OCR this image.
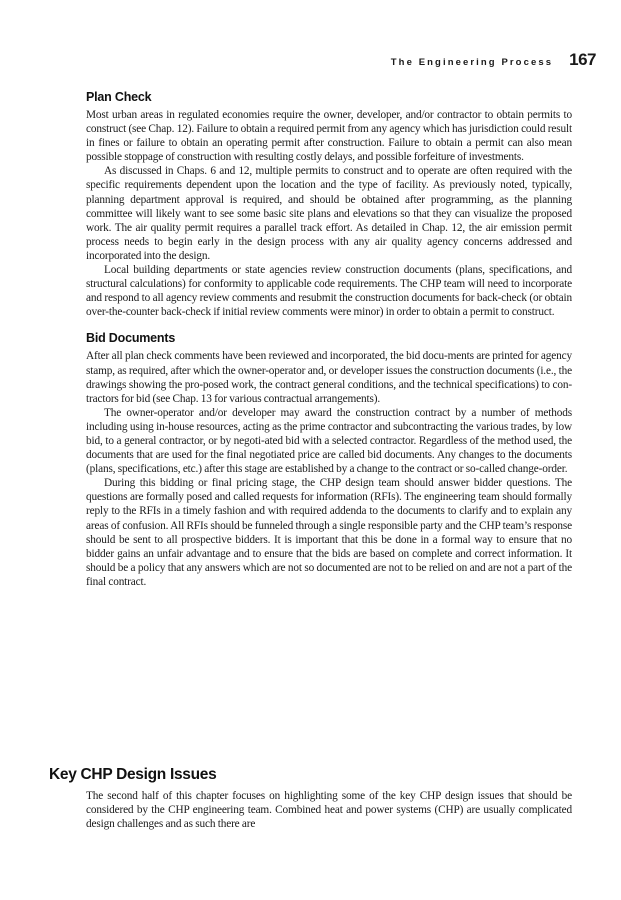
The Engineering Process 167
Plan Check

Most urban areas in regulated economies require the owner, developer, and/or contractor to obtain permits to construct (see Chap. 12). Failure to obtain a required permit from any agency which has jurisdiction could result in fines or failure to obtain an operating permit after construction. Failure to obtain a permit can also mean possible stoppage of construction with resulting costly delays, and possible forfeiture of investments.

As discussed in Chaps. 6 and 12, multiple permits to construct and to operate are often required with the specific requirements dependent upon the location and the type of facility. As previously noted, typically, planning department approval is required, and should be obtained after programming, as the planning committee will likely want to see some basic site plans and elevations so that they can visualize the proposed work. The air quality permit requires a parallel track effort. As detailed in Chap. 12, the air emission permit process needs to begin early in the design process with any air quality agency concerns addressed and incorporated into the design.

Local building departments or state agencies review construction documents (plans, specifications, and structural calculations) for conformity to applicable code requirements. The CHP team will need to incorporate and respond to all agency review comments and resubmit the construction documents for back-check (or obtain over-the-counter back-check if initial review comments were minor) in order to obtain a permit to construct.

Bid Documents

After all plan check comments have been reviewed and incorporated, the bid docu-ments are printed for agency stamp, as required, after which the owner-operator and, or developer issues the construction documents (i.e., the drawings showing the pro-posed work, the contract general conditions, and the technical specifications) to con-tractors for bid (see Chap. 13 for various contractual arrangements).

The owner-operator and/or developer may award the construction contract by a number of methods including using in-house resources, acting as the prime contractor and subcontracting the various trades, by low bid, to a general contractor, or by negoti-ated bid with a selected contractor. Regardless of the method used, the documents that are used for the final negotiated price are called bid documents. Any changes to the documents (plans, specifications, etc.) after this stage are established by a change to the contract or so-called change-order.

During this bidding or final pricing stage, the CHP design team should answer bidder questions. The questions are formally posed and called requests for information (RFIs). The engineering team should formally reply to the RFIs in a timely fashion and with required addenda to the documents to clarify and to explain any areas of confusion. All RFIs should be funneled through a single responsible party and the CHP team’s response should be sent to all prospective bidders. It is important that this be done in a formal way to ensure that no bidder gains an unfair advantage and to ensure that the bids are based on complete and correct information. It should be a policy that any answers which are not so documented are not to be relied on and are not a part of the final contract.

Key CHP Design Issues

The second half of this chapter focuses on highlighting some of the key CHP design issues that should be considered by the CHP engineering team. Combined heat and power systems (CHP) are usually complicated design challenges and as such there are
